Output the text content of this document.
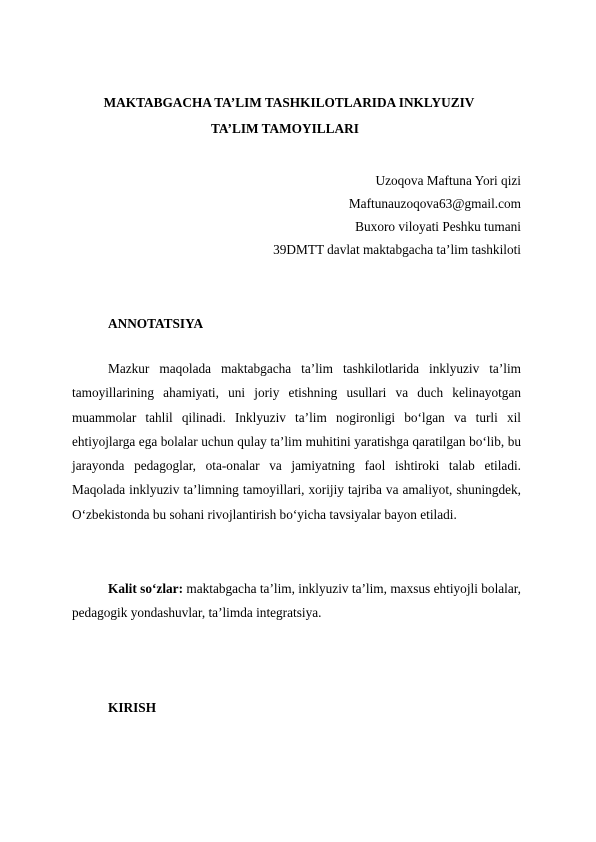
MAKTABGACHA TA’LIM TASHKILOTLARIDA INKLYUZIV
TA’LIM TAMOYILLARI
Uzoqova Maftuna Yori qizi
Maftunauzoqova63@gmail.com
Buxoro viloyati Peshku tumani
39DMTT davlat maktabgacha ta’lim tashkiloti
ANNOTATSIYA

Mazkur maqolada maktabgacha ta’lim tashkilotlarida inklyuziv ta’lim tamoyillarining ahamiyati, uni joriy etishning usullari va duch kelinayotgan muammolar tahlil qilinadi. Inklyuziv ta’lim nogironligi bo‘lgan va turli xil ehtiyojlarga ega bolalar uchun qulay ta’lim muhitini yaratishga qaratilgan bo‘lib, bu jarayonda pedagoglar, ota-onalar va jamiyatning faol ishtiroki talab etiladi. Maqolada inklyuziv ta’limning tamoyillari, xorijiy tajriba va amaliyot, shuningdek, O‘zbekistonda bu sohani rivojlantirish bo‘yicha tavsiyalar bayon etiladi.

Kalit so‘zlar: maktabgacha ta’lim, inklyuziv ta’lim, maxsus ehtiyojli bolalar, pedagogik yondashuvlar, ta’limda integratsiya.

KIRISH
